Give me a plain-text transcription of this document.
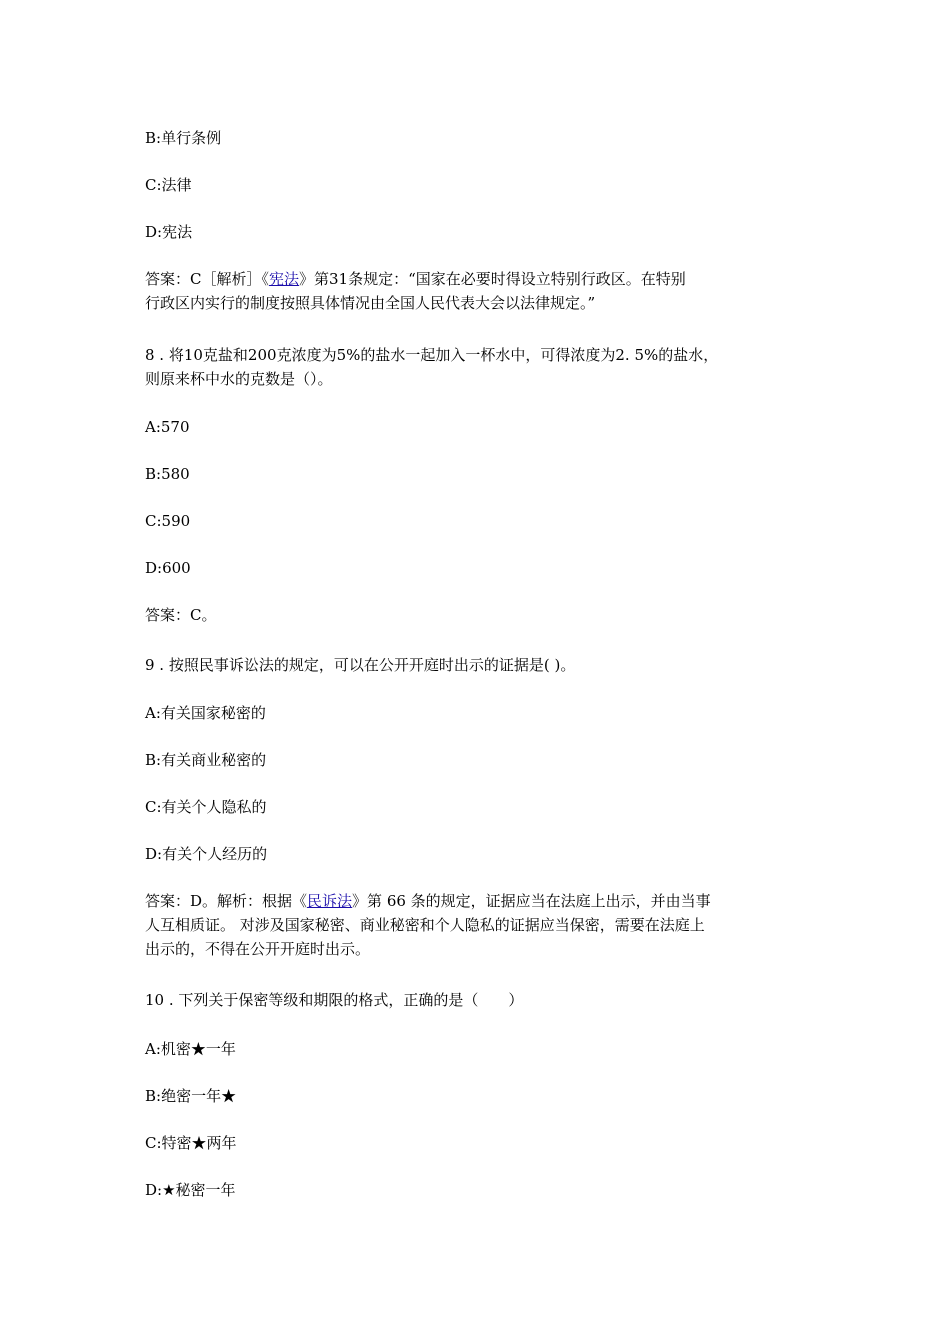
B:单行条例
C:法律
D:宪法
答案：C［解析］《宪法》第31条规定：“国家在必要时得设立特别行政区。在特别
行政区内实行的制度按照具体情况由全国人民代表大会以法律规定。”
8 . 将10克盐和200克浓度为5%的盐水一起加入一杯水中，可得浓度为2. 5%的盐水，
则原来杯中水的克数是（）。
A:570
B:580
C:590
D:600
答案：C。
9 . 按照民事诉讼法的规定，可以在公开开庭时出示的证据是( )。
A:有关国家秘密的
B:有关商业秘密的
C:有关个人隐私的
D:有关个人经历的
答案：D。解析：根据《民诉法》第 66 条的规定，证据应当在法庭上出示，并由当事
人互相质证。 对涉及国家秘密、商业秘密和个人隐私的证据应当保密，需要在法庭上
出示的，不得在公开开庭时出示。
10 . 下列关于保密等级和期限的格式，正确的是（　　）
A:机密★一年
B:绝密一年★
C:特密★两年
D:★秘密一年
